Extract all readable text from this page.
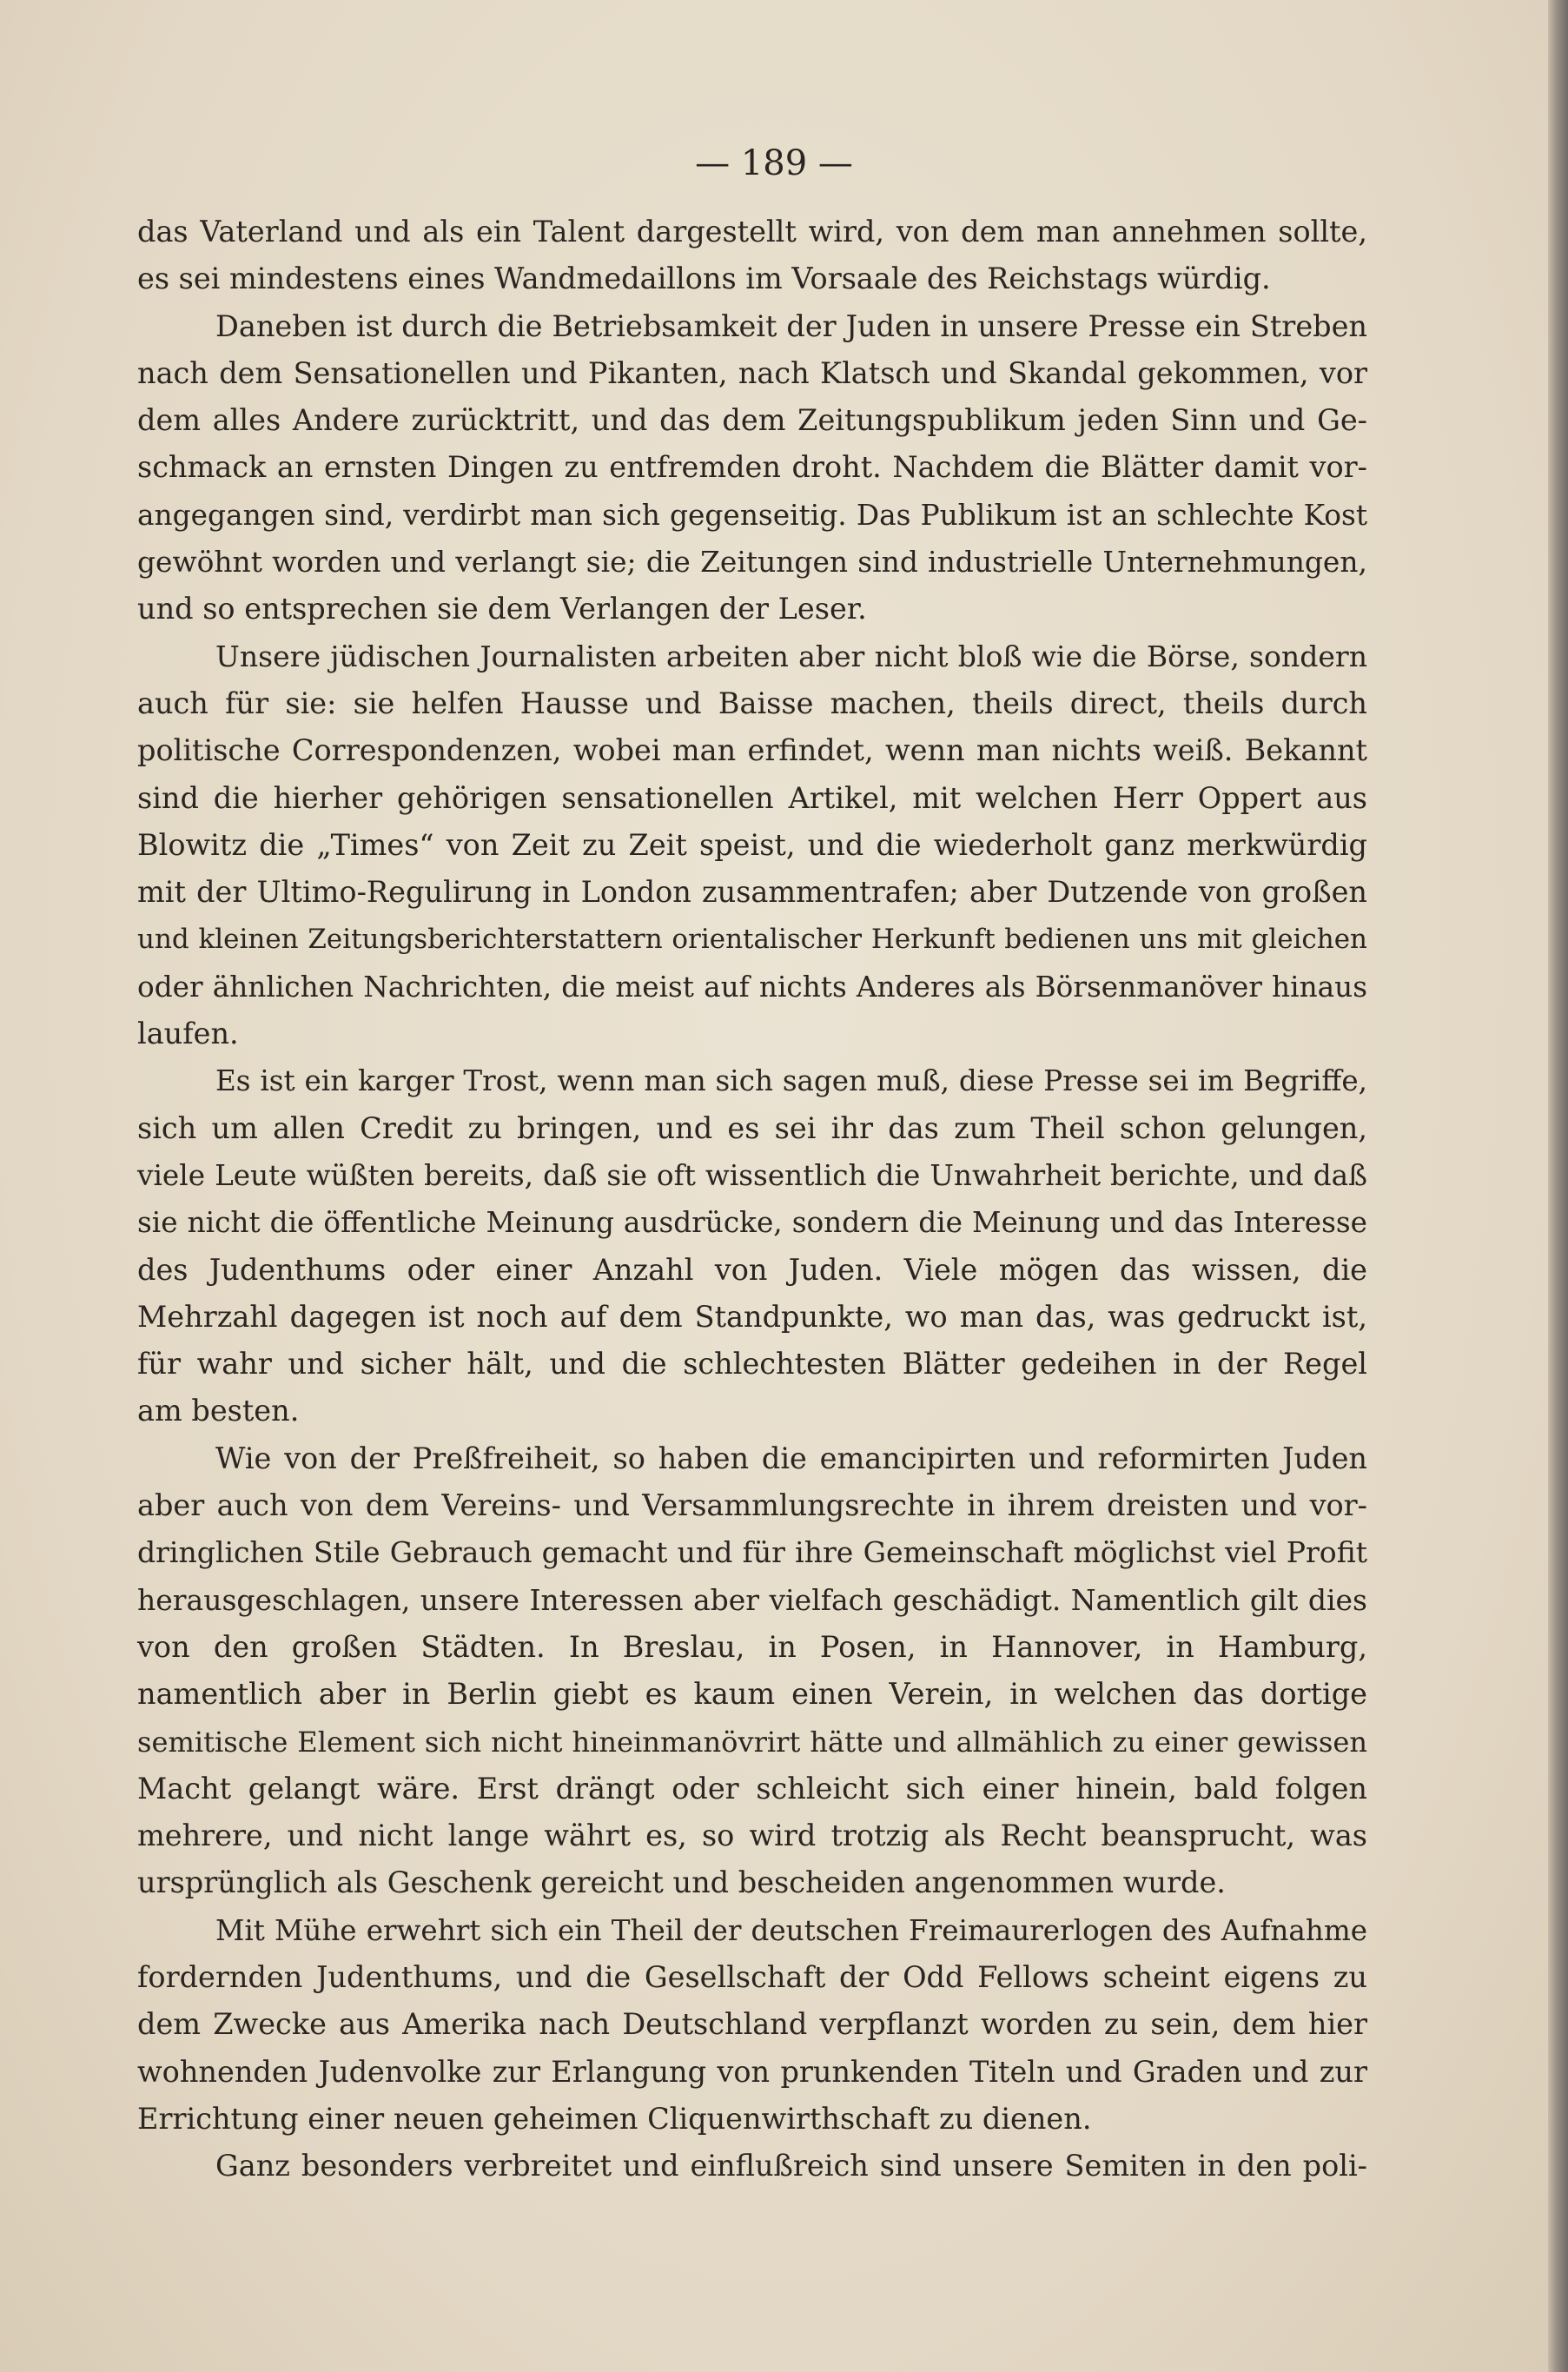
— 189 —
das Vaterland und als ein Talent dargestellt wird, von dem man annehmen sollte,
es sei mindestens eines Wandmedaillons im Vorsaale des Reichstags würdig.
Daneben ist durch die Betriebsamkeit der Juden in unsere Presse ein Streben
nach dem Sensationellen und Pikanten, nach Klatsch und Skandal gekommen, vor
dem alles Andere zurücktritt, und das dem Zeitungspublikum jeden Sinn und Ge-
schmack an ernsten Dingen zu entfremden droht. Nachdem die Blätter damit vor-
angegangen sind, verdirbt man sich gegenseitig. Das Publikum ist an schlechte Kost
gewöhnt worden und verlangt sie; die Zeitungen sind industrielle Unternehmungen,
und so entsprechen sie dem Verlangen der Leser.
Unsere jüdischen Journalisten arbeiten aber nicht bloß wie die Börse, sondern
auch für sie: sie helfen Hausse und Baisse machen, theils direct, theils durch
politische Correspondenzen, wobei man erfindet, wenn man nichts weiß. Bekannt
sind die hierher gehörigen sensationellen Artikel, mit welchen Herr Oppert aus
Blowitz die „Times“ von Zeit zu Zeit speist, und die wiederholt ganz merkwürdig
mit der Ultimo-Regulirung in London zusammentrafen; aber Dutzende von großen
und kleinen Zeitungsberichterstattern orientalischer Herkunft bedienen uns mit gleichen
oder ähnlichen Nachrichten, die meist auf nichts Anderes als Börsenmanöver hinaus
laufen.
Es ist ein karger Trost, wenn man sich sagen muß, diese Presse sei im Begriffe,
sich um allen Credit zu bringen, und es sei ihr das zum Theil schon gelungen,
viele Leute wüßten bereits, daß sie oft wissentlich die Unwahrheit berichte, und daß
sie nicht die öffentliche Meinung ausdrücke, sondern die Meinung und das Interesse
des Judenthums oder einer Anzahl von Juden. Viele mögen das wissen, die
Mehrzahl dagegen ist noch auf dem Standpunkte, wo man das, was gedruckt ist,
für wahr und sicher hält, und die schlechtesten Blätter gedeihen in der Regel
am besten.
Wie von der Preßfreiheit, so haben die emancipirten und reformirten Juden
aber auch von dem Vereins- und Versammlungsrechte in ihrem dreisten und vor-
dringlichen Stile Gebrauch gemacht und für ihre Gemeinschaft möglichst viel Profit
herausgeschlagen, unsere Interessen aber vielfach geschädigt. Namentlich gilt dies
von den großen Städten. In Breslau, in Posen, in Hannover, in Hamburg,
namentlich aber in Berlin giebt es kaum einen Verein, in welchen das dortige
semitische Element sich nicht hineinmanövrirt hätte und allmählich zu einer gewissen
Macht gelangt wäre. Erst drängt oder schleicht sich einer hinein, bald folgen
mehrere, und nicht lange währt es, so wird trotzig als Recht beansprucht, was
ursprünglich als Geschenk gereicht und bescheiden angenommen wurde.
Mit Mühe erwehrt sich ein Theil der deutschen Freimaurerlogen des Aufnahme
fordernden Judenthums, und die Gesellschaft der Odd Fellows scheint eigens zu
dem Zwecke aus Amerika nach Deutschland verpflanzt worden zu sein, dem hier
wohnenden Judenvolke zur Erlangung von prunkenden Titeln und Graden und zur
Errichtung einer neuen geheimen Cliquenwirthschaft zu dienen.
Ganz besonders verbreitet und einflußreich sind unsere Semiten in den poli-
